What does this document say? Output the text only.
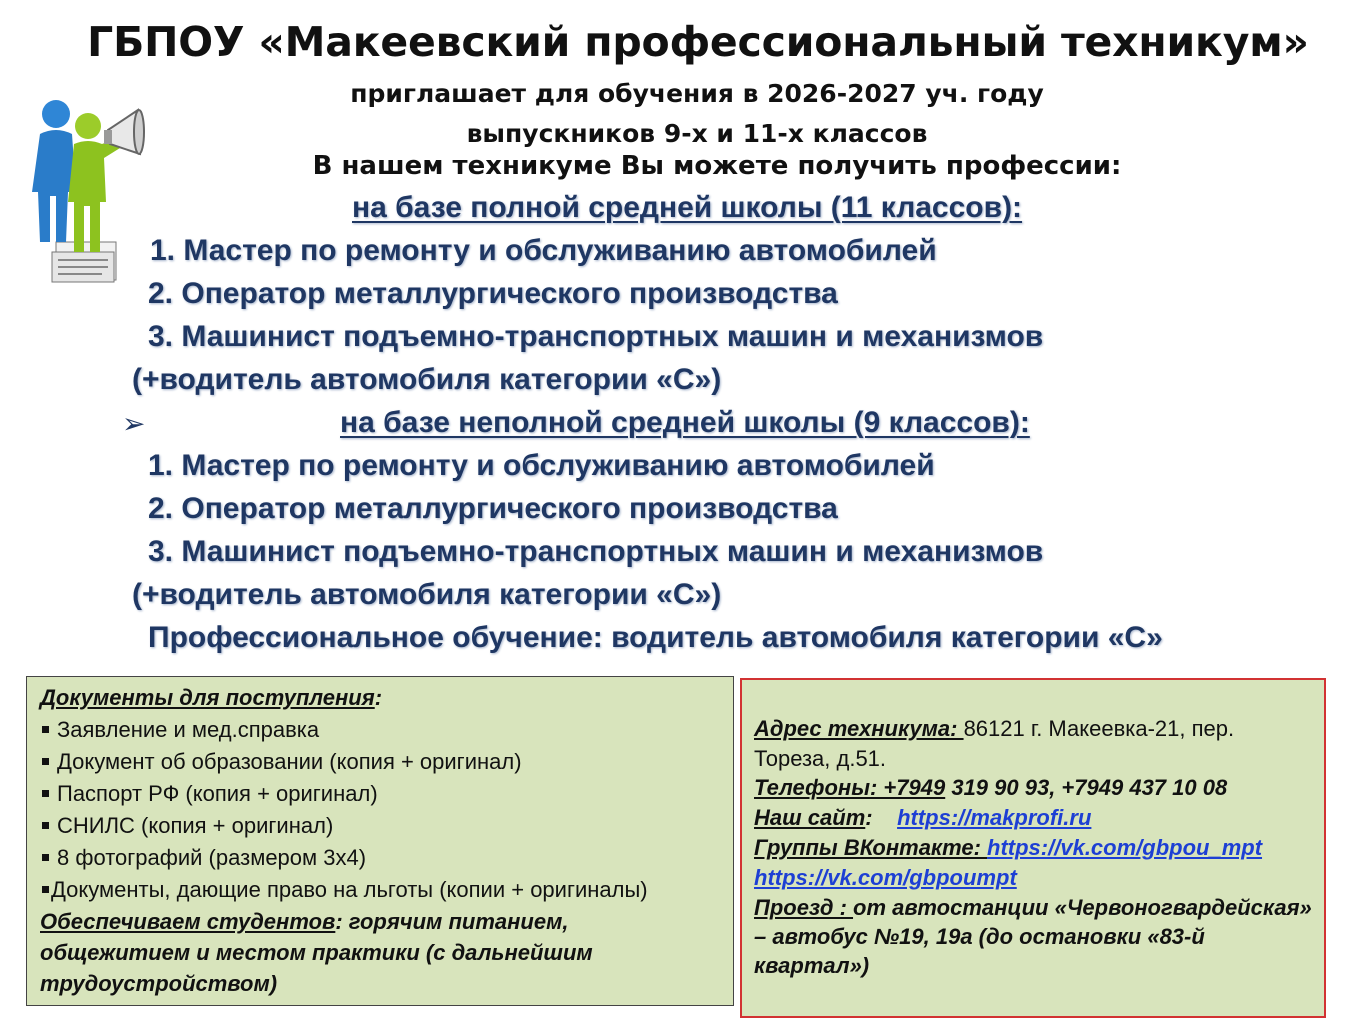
ГБПОУ «Макеевский профессиональный техникум»
приглашает для обучения в 2026-2027 уч. году
выпускников 9-х и 11-х классов
В нашем техникуме Вы можете получить профессии:
на базе полной средней школы (11 классов):
1. Мастер по ремонту и обслуживанию автомобилей
2. Оператор металлургического производства
3. Машинист подъемно-транспортных машин и механизмов
(+водитель автомобиля категории «С»)
➢	на базе неполной средней школы (9 классов):
1. Мастер по ремонту и обслуживанию автомобилей
2. Оператор металлургического производства
3. Машинист подъемно-транспортных машин и механизмов
(+водитель автомобиля категории «С»)
Профессиональное обучение: водитель автомобиля категории «С»
Документы для поступления:
Заявление и мед.справка
Документ об образовании (копия + оригинал)
Паспорт РФ (копия + оригинал)
СНИЛС (копия + оригинал)
8 фотографий (размером 3х4)
Документы, дающие право на льготы (копии + оригиналы)
Обеспечиваем студентов: горячим питанием,
общежитием и местом практики (с дальнейшим
трудоустройством)
Адрес техникума: 86121 г. Макеевка-21, пер.
Тореза, д.51.
Телефоны: +7949 319 90 93, +7949 437 10 08
Наш сайт:    https://makprofi.ru
Группы ВКонтакте: https://vk.com/gbpou_mpt
https://vk.com/gbpoumpt
Проезд : от автостанции «Червоногвардейская»
– автобус №19, 19а (до остановки «83-й
квартал»)
